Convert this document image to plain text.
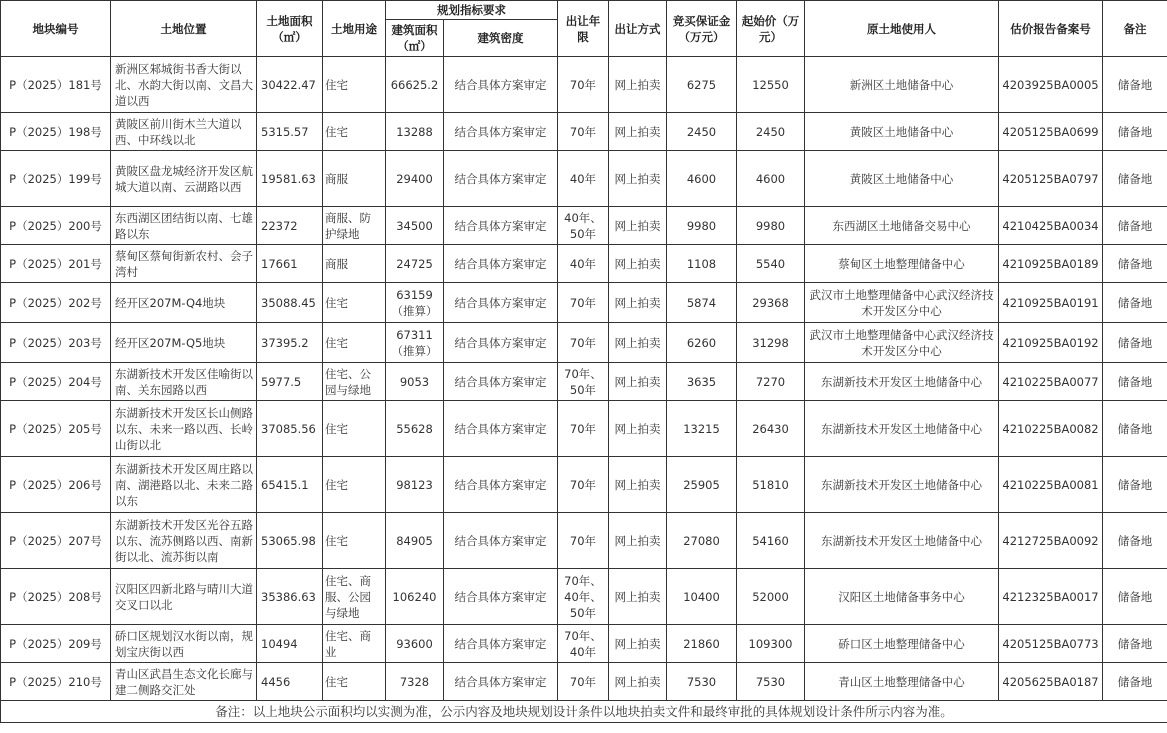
地块编号	土地位置	土地面积（㎡）	土地用途	规划指标要求		出让年限	出让方式	竞买保证金（万元）	起始价（万元）	原土地使用人	估价报告备案号	备注
				建筑面积（㎡）	建筑密度							
P（2025）181号	新洲区邾城街书香大街以北、水韵大街以南、文昌大道以西	30422.47	住宅	66625.2	结合具体方案审定	70年	网上拍卖	6275	12550	新洲区土地储备中心	4203925BA0005	储备地
P（2025）198号	黄陂区前川街木兰大道以西、中环线以北	5315.57	住宅	13288	结合具体方案审定	70年	网上拍卖	2450	2450	黄陂区土地储备中心	4205125BA0699	储备地
P（2025）199号	黄陂区盘龙城经济开发区航城大道以南、云湖路以西	19581.63	商服	29400	结合具体方案审定	40年	网上拍卖	4600	4600	黄陂区土地储备中心	4205125BA0797	储备地
P（2025）200号	东西湖区团结街以南、七雄路以东	22372	商服、防护绿地	34500	结合具体方案审定	40年、50年	网上拍卖	9980	9980	东西湖区土地储备交易中心	4210425BA0034	储备地
P（2025）201号	蔡甸区蔡甸街新农村、会子湾村	17661	商服	24725	结合具体方案审定	40年	网上拍卖	1108	5540	蔡甸区土地整理储备中心	4210925BA0189	储备地
P（2025）202号	经开区207M-Q4地块	35088.45	住宅	63159（推算）	结合具体方案审定	70年	网上拍卖	5874	29368	武汉市土地整理储备中心武汉经济技术开发区分中心	4210925BA0191	储备地
P（2025）203号	经开区207M-Q5地块	37395.2	住宅	67311（推算）	结合具体方案审定	70年	网上拍卖	6260	31298	武汉市土地整理储备中心武汉经济技术开发区分中心	4210925BA0192	储备地
P（2025）204号	东湖新技术开发区佳喻街以南、关东园路以西	5977.5	住宅、公园与绿地	9053	结合具体方案审定	70年、50年	网上拍卖	3635	7270	东湖新技术开发区土地储备中心	4210225BA0077	储备地
P（2025）205号	东湖新技术开发区长山侧路以东、未来一路以西、长岭山街以北	37085.56	住宅	55628	结合具体方案审定	70年	网上拍卖	13215	26430	东湖新技术开发区土地储备中心	4210225BA0082	储备地
P（2025）206号	东湖新技术开发区周庄路以南、湖港路以北、未来二路以东	65415.1	住宅	98123	结合具体方案审定	70年	网上拍卖	25905	51810	东湖新技术开发区土地储备中心	4210225BA0081	储备地
P（2025）207号	东湖新技术开发区光谷五路以东、流苏侧路以西、南新街以北、流苏街以南	53065.98	住宅	84905	结合具体方案审定	70年	网上拍卖	27080	54160	东湖新技术开发区土地储备中心	4212725BA0092	储备地
P（2025）208号	汉阳区四新北路与晴川大道交叉口以北	35386.63	住宅、商服、公园与绿地	106240	结合具体方案审定	70年、40年、50年	网上拍卖	10400	52000	汉阳区土地储备事务中心	4212325BA0017	储备地
P（2025）209号	硚口区规划汉水街以南，规划宝庆街以西	10494	住宅、商业	93600	结合具体方案审定	70年、40年	网上拍卖	21860	109300	硚口区土地整理储备中心	4205125BA0773	储备地
P（2025）210号	青山区武昌生态文化长廊与建二侧路交汇处	4456	住宅	7328	结合具体方案审定	70年	网上拍卖	7530	7530	青山区土地整理储备中心	4205625BA0187	储备地
备注：以上地块公示面积均以实测为准，公示内容及地块规划设计条件以地块拍卖文件和最终审批的具体规划设计条件所示内容为准。												
